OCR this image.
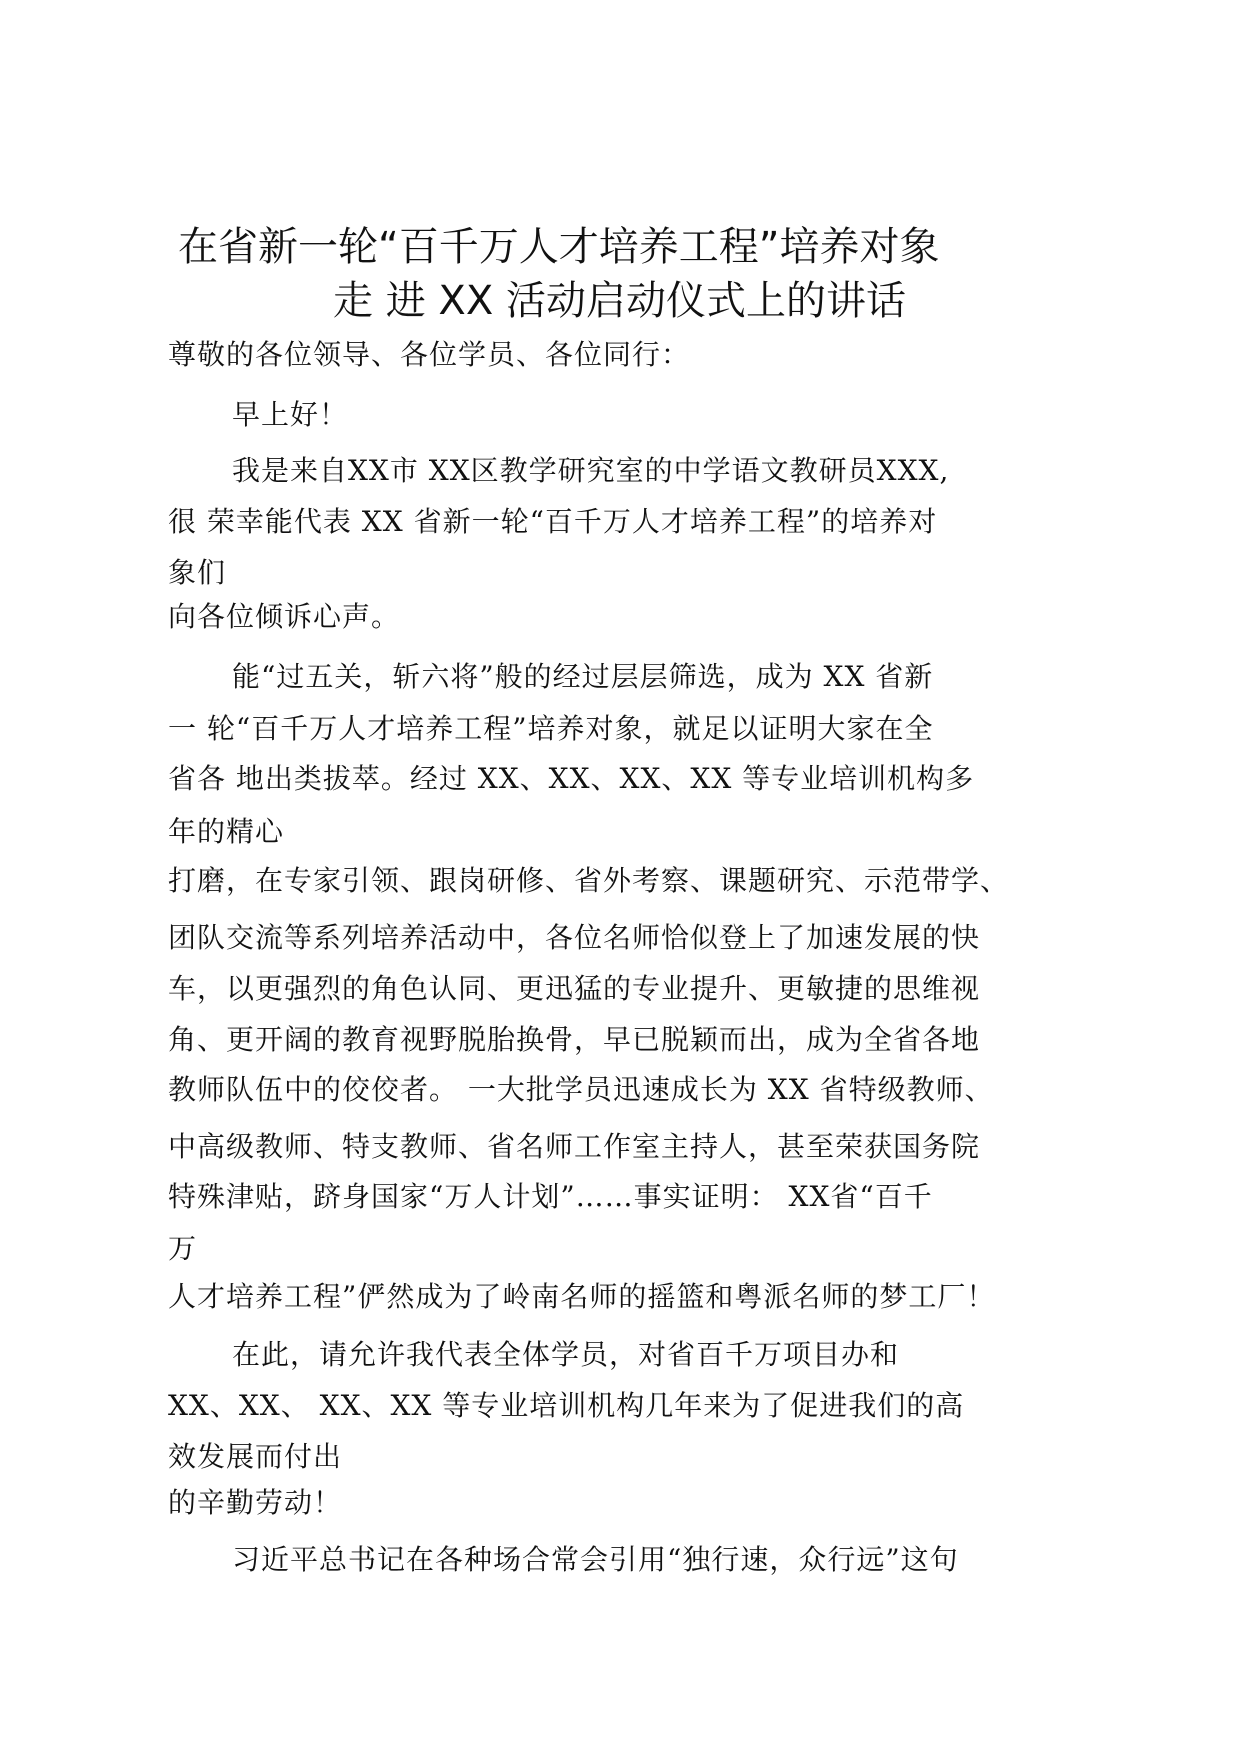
在省新一轮“百千万人才培养工程”培养对象
走 进 XX 活动启动仪式上的讲话
尊敬的各位领导、各位学员、各位同行：
早上好！
我是来自XX市 XX区教学研究室的中学语文教研员XXX,
很 荣幸能代表 XX 省新一轮“百千万人才培养工程”的培养对
象们
向各位倾诉心声。
能“过五关，斩六将”般的经过层层筛选，成为 XX 省新
一 轮“百千万人才培养工程”培养对象，就足以证明大家在全
省各 地出类拔萃。经过 XX、XX、XX、XX 等专业培训机构多
年的精心
打磨，在专家引领、跟岗研修、省外考察、课题研究、示范带学、
团队交流等系列培养活动中，各位名师恰似登上了加速发展的快
车，以更强烈的角色认同、更迅猛的专业提升、更敏捷的思维视
角、更开阔的教育视野脱胎换骨，早已脱颖而出，成为全省各地
教师队伍中的佼佼者。 一大批学员迅速成长为 XX 省特级教师、
中高级教师、特支教师、省名师工作室主持人，甚至荣获国务院
特殊津贴，跻身国家“万人计划”……事实证明： XX省“百千
万
人才培养工程”俨然成为了岭南名师的摇篮和粤派名师的梦工厂！
在此，请允许我代表全体学员，对省百千万项目办和
XX、XX、 XX、XX 等专业培训机构几年来为了促进我们的高
效发展而付出
的辛勤劳动！
习近平总书记在各种场合常会引用“独行速，众行远”这句
